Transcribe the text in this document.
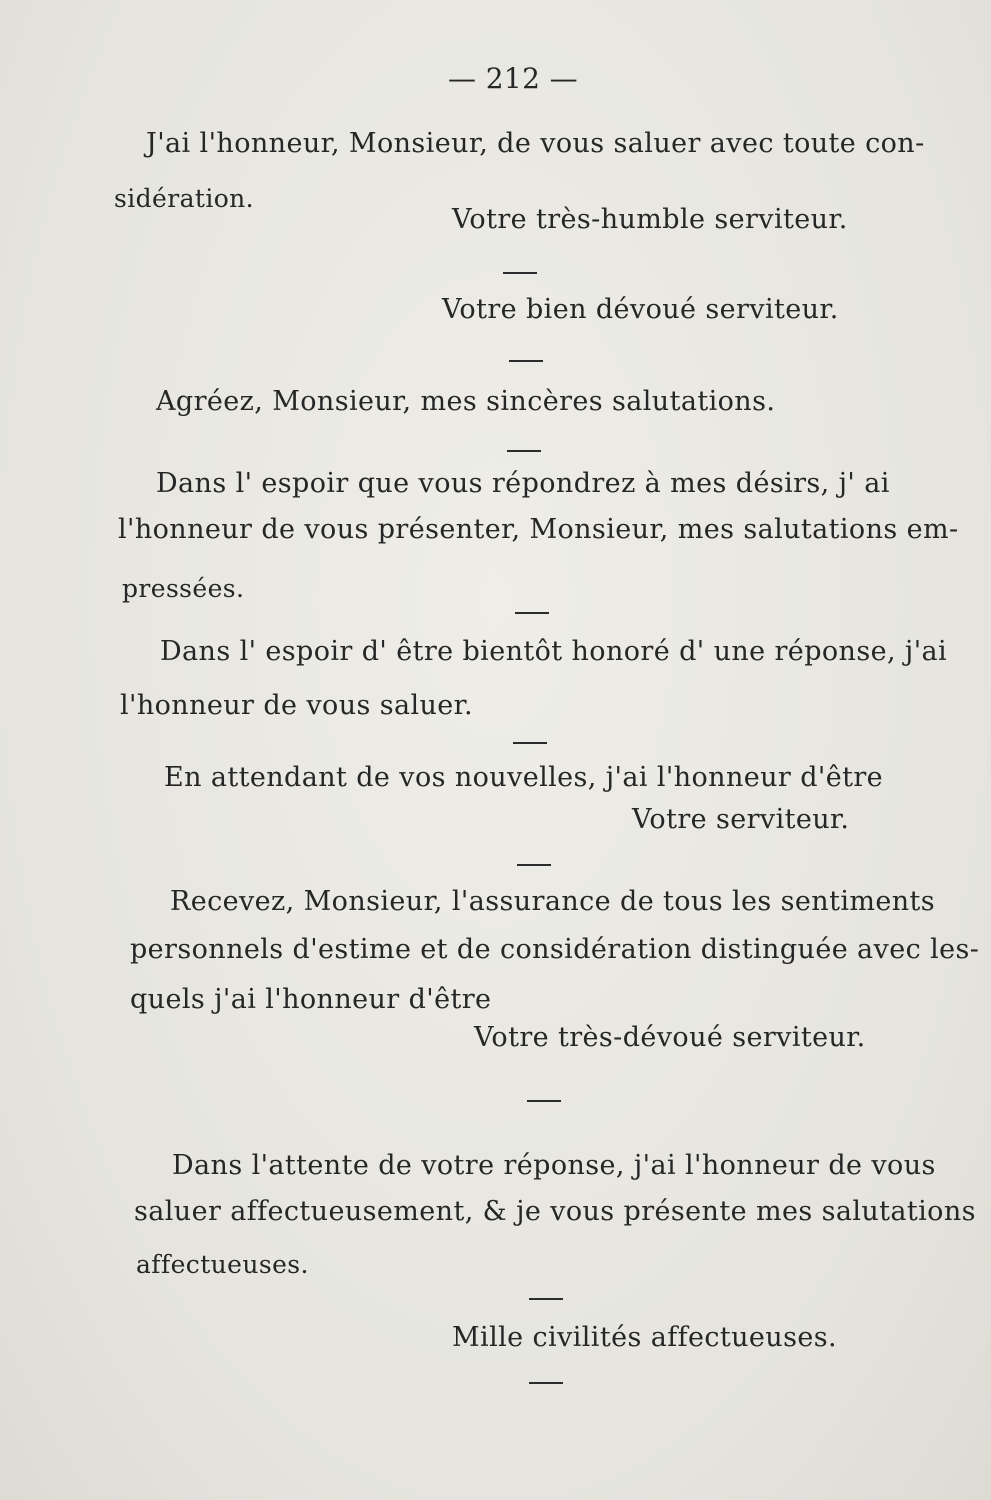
— 212 —
J'ai l'honneur, Monsieur, de vous saluer avec toute con-
sidération.
Votre très-humble serviteur.
Votre bien dévoué serviteur.
Agréez, Monsieur, mes sincères salutations.
Dans l' espoir que vous répondrez à mes désirs, j' ai
l'honneur de vous présenter, Monsieur, mes salutations em-
pressées.
Dans l' espoir d' être bientôt honoré d' une réponse, j'ai
l'honneur de vous saluer.
En attendant de vos nouvelles, j'ai l'honneur d'être
Votre serviteur.
Recevez, Monsieur, l'assurance de tous les sentiments
personnels d'estime et de considération distinguée avec les-
quels j'ai l'honneur d'être
Votre très-dévoué serviteur.
Dans l'attente de votre réponse, j'ai l'honneur de vous
saluer affectueusement, & je vous présente mes salutations
affectueuses.
Mille civilités affectueuses.
